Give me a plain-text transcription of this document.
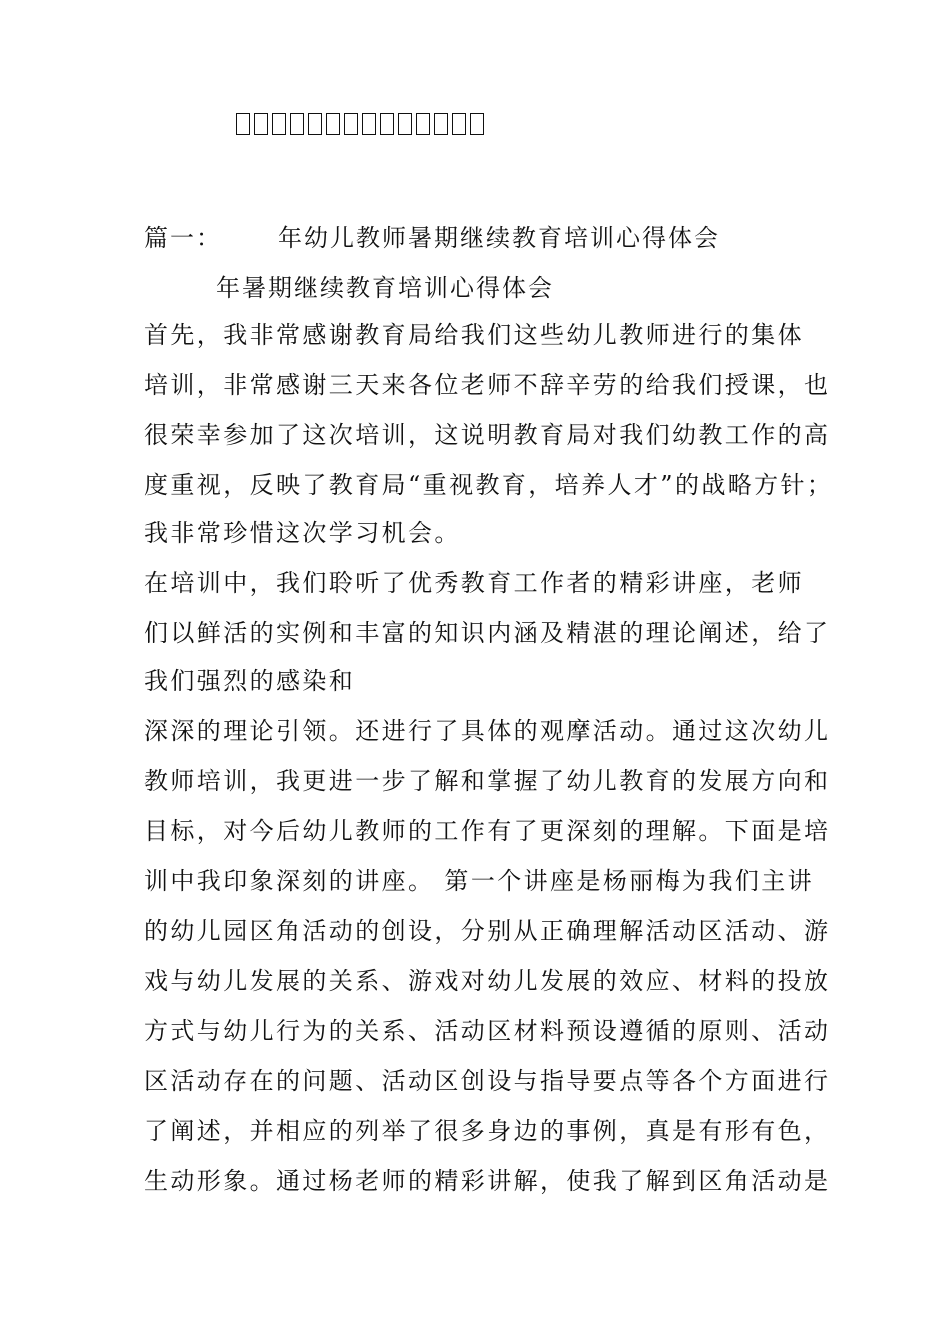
篇一： 年幼儿教师暑期继续教育培训心得体会
年暑期继续教育培训心得体会
首先，我非常感谢教育局给我们这些幼儿教师进行的集体
培训，非常感谢三天来各位老师不辞辛劳的给我们授课，也
很荣幸参加了这次培训，这说明教育局对我们幼教工作的高
度重视，反映了教育局“重视教育，培养人才”的战略方针；
我非常珍惜这次学习机会。
在培训中，我们聆听了优秀教育工作者的精彩讲座，老师
们以鲜活的实例和丰富的知识内涵及精湛的理论阐述，给了
我们强烈的感染和
深深的理论引领。还进行了具体的观摩活动。通过这次幼儿
教师培训，我更进一步了解和掌握了幼儿教育的发展方向和
目标，对今后幼儿教师的工作有了更深刻的理解。下面是培
训中我印象深刻的讲座。 第一个讲座是杨丽梅为我们主讲
的幼儿园区角活动的创设，分别从正确理解活动区活动、游
戏与幼儿发展的关系、游戏对幼儿发展的效应、材料的投放
方式与幼儿行为的关系、活动区材料预设遵循的原则、活动
区活动存在的问题、活动区创设与指导要点等各个方面进行
了阐述，并相应的列举了很多身边的事例，真是有形有色，
生动形象。通过杨老师的精彩讲解，使我了解到区角活动是
